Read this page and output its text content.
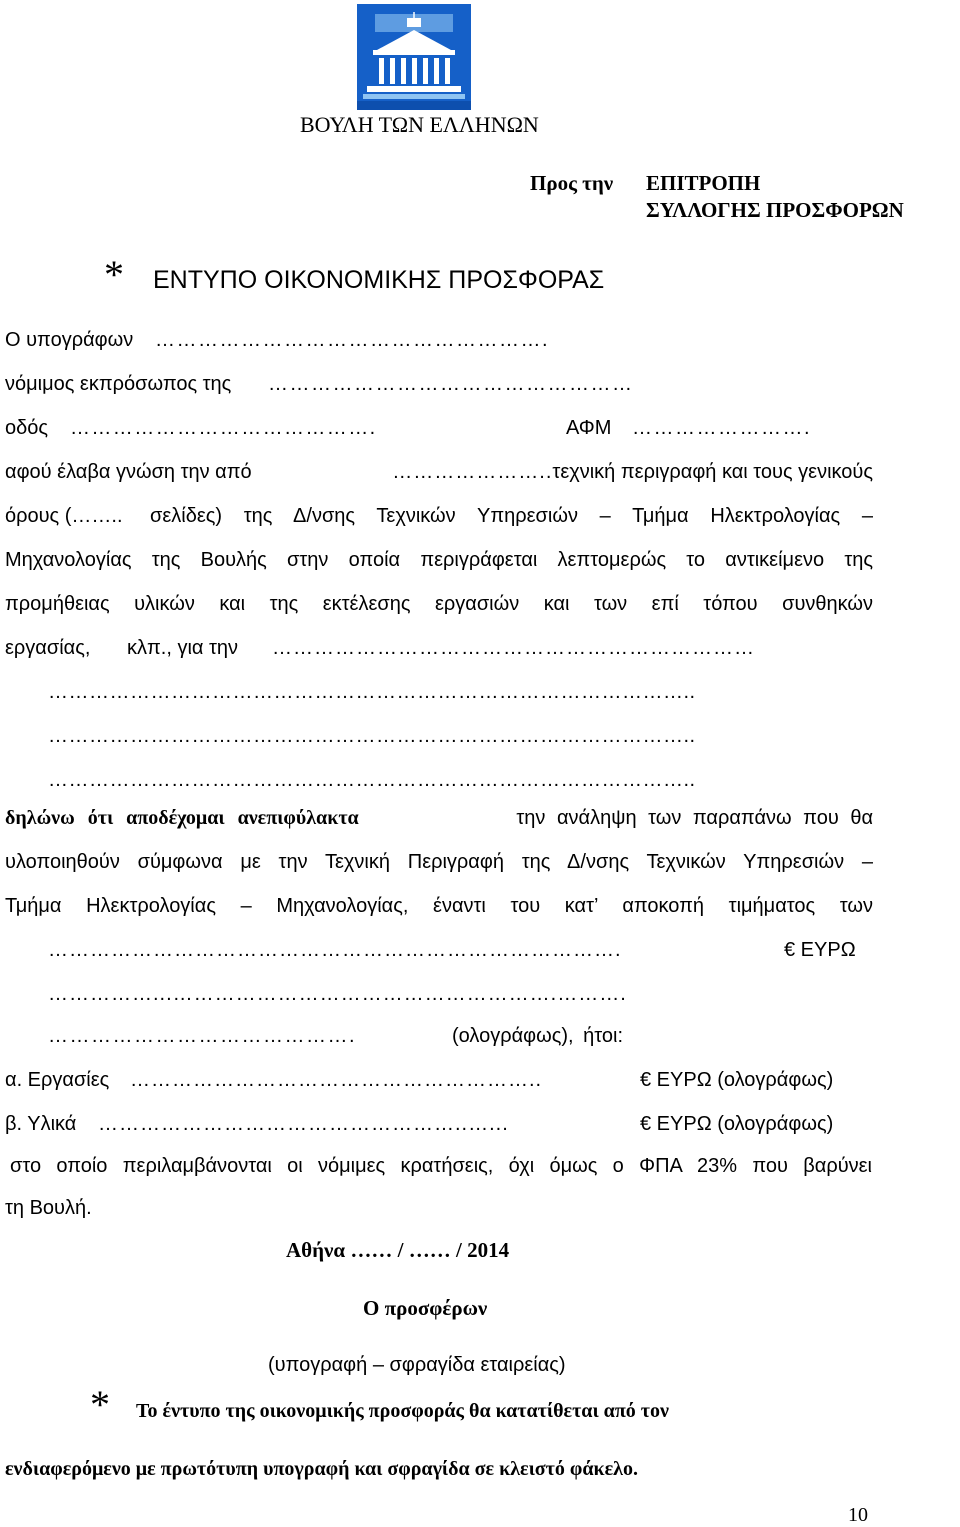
ΒΟΥΛΗ ΤΩΝ ΕΛΛΗΝΩΝ
Προς την ΕΠΙΤΡΟΠΗ
ΣΥΛΛΟΓΗΣ ΠΡΟΣΦΟΡΩΝ
* ΕΝΤΥΠΟ ΟΙΚΟΝΟΜΙΚΗΣ ΠΡΟΣΦΟΡΑΣ
Ο υπογράφων ……………………………………………….
νόμιμος εκπρόσωπος της ……………………………………………
οδός …………………………………….	ΑΦΜ …………………….
αφού έλαβα γνώση την από	………………….. τεχνική περιγραφή και τους γενικούς
όρους (…….. σελίδες) της Δ/νσης Τεχνικών Υπηρεσιών – Τμήμα Ηλεκτρολογίας –
Μηχανολογίας της Βουλής στην οποία περιγράφεται λεπτομερώς το αντικείμενο της
προμήθειας υλικών και της εκτέλεσης εργασιών και των επί τόπου συνθηκών
εργασίας, κλπ., για την ……………………………………………………………
…………………………………………………………………………………..
…………………………………………………………………………………..
…………………………………………………………………………………..
δηλώνω ότι αποδέχομαι ανεπιφύλακτα	την ανάληψη των παραπάνω που θα
υλοποιηθούν σύμφωνα με την Τεχνική Περιγραφή της Δ/νσης Τεχνικών Υπηρεσιών –
Τμήμα Ηλεκτρολογίας – Μηχανολογίας, έναντι του κατ’ αποκοπή τιμήματος των
……………………………………………………………………….	€ ΕΥΡΩ
……………...……………………………………………….……….
…………………………………….	(ολογράφως), ήτοι:
α. Εργασίες …………………………………………………..	€ ΕΥΡΩ (ολογράφως)
β. Υλικά ……………………………………………..…...	€ ΕΥΡΩ (ολογράφως)
στο οποίο περιλαμβάνονται οι νόμιμες κρατήσεις, όχι όμως ο ΦΠΑ 23% που βαρύνει
τη Βουλή.
Αθήνα …… / …… / 2014
Ο προσφέρων
(υπογραφή – σφραγίδα εταιρείας)
* Το έντυπο της οικονομικής προσφοράς θα κατατίθεται από τον
ενδιαφερόμενο με πρωτότυπη υπογραφή και σφραγίδα σε κλειστό φάκελο.
10
